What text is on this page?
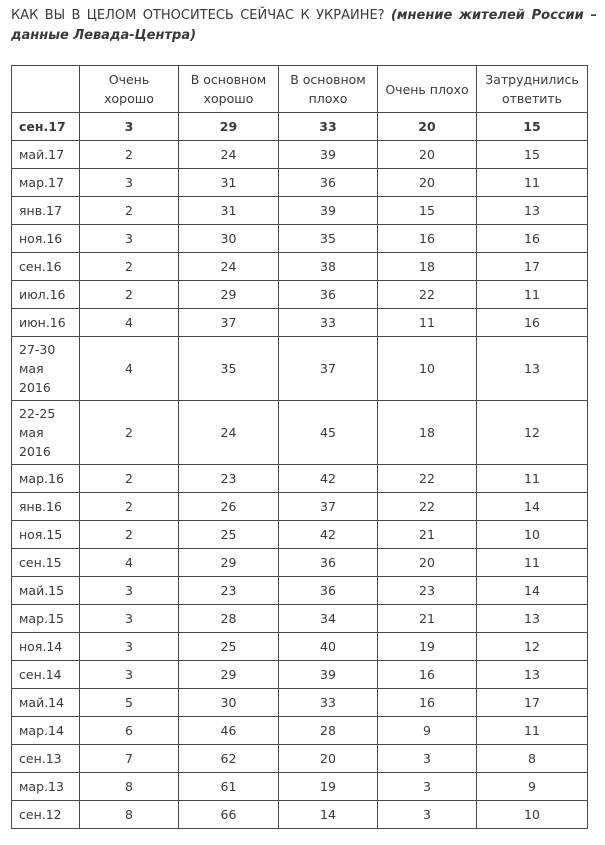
КАК ВЫ В ЦЕЛОМ ОТНОСИТЕСЬ СЕЙЧАС К УКРАИНЕ? (мнение жителей России – данные Левада-Центра)

	Очень хорошо	В основном хорошо	В основном плохо	Очень плохо	Затруднились ответить
сен.17	3	29	33	20	15
май.17	2	24	39	20	15
мар.17	3	31	36	20	11
янв.17	2	31	39	15	13
ноя.16	3	30	35	16	16
сен.16	2	24	38	18	17
июл.16	2	29	36	22	11
июн.16	4	37	33	11	16
27-30 мая 2016	4	35	37	10	13
22-25 мая 2016	2	24	45	18	12
мар.16	2	23	42	22	11
янв.16	2	26	37	22	14
ноя.15	2	25	42	21	10
сен.15	4	29	36	20	11
май.15	3	23	36	23	14
мар.15	3	28	34	21	13
ноя.14	3	25	40	19	12
сен.14	3	29	39	16	13
май.14	5	30	33	16	17
мар.14	6	46	28	9	11
сен.13	7	62	20	3	8
мар.13	8	61	19	3	9
сен.12	8	66	14	3	10
